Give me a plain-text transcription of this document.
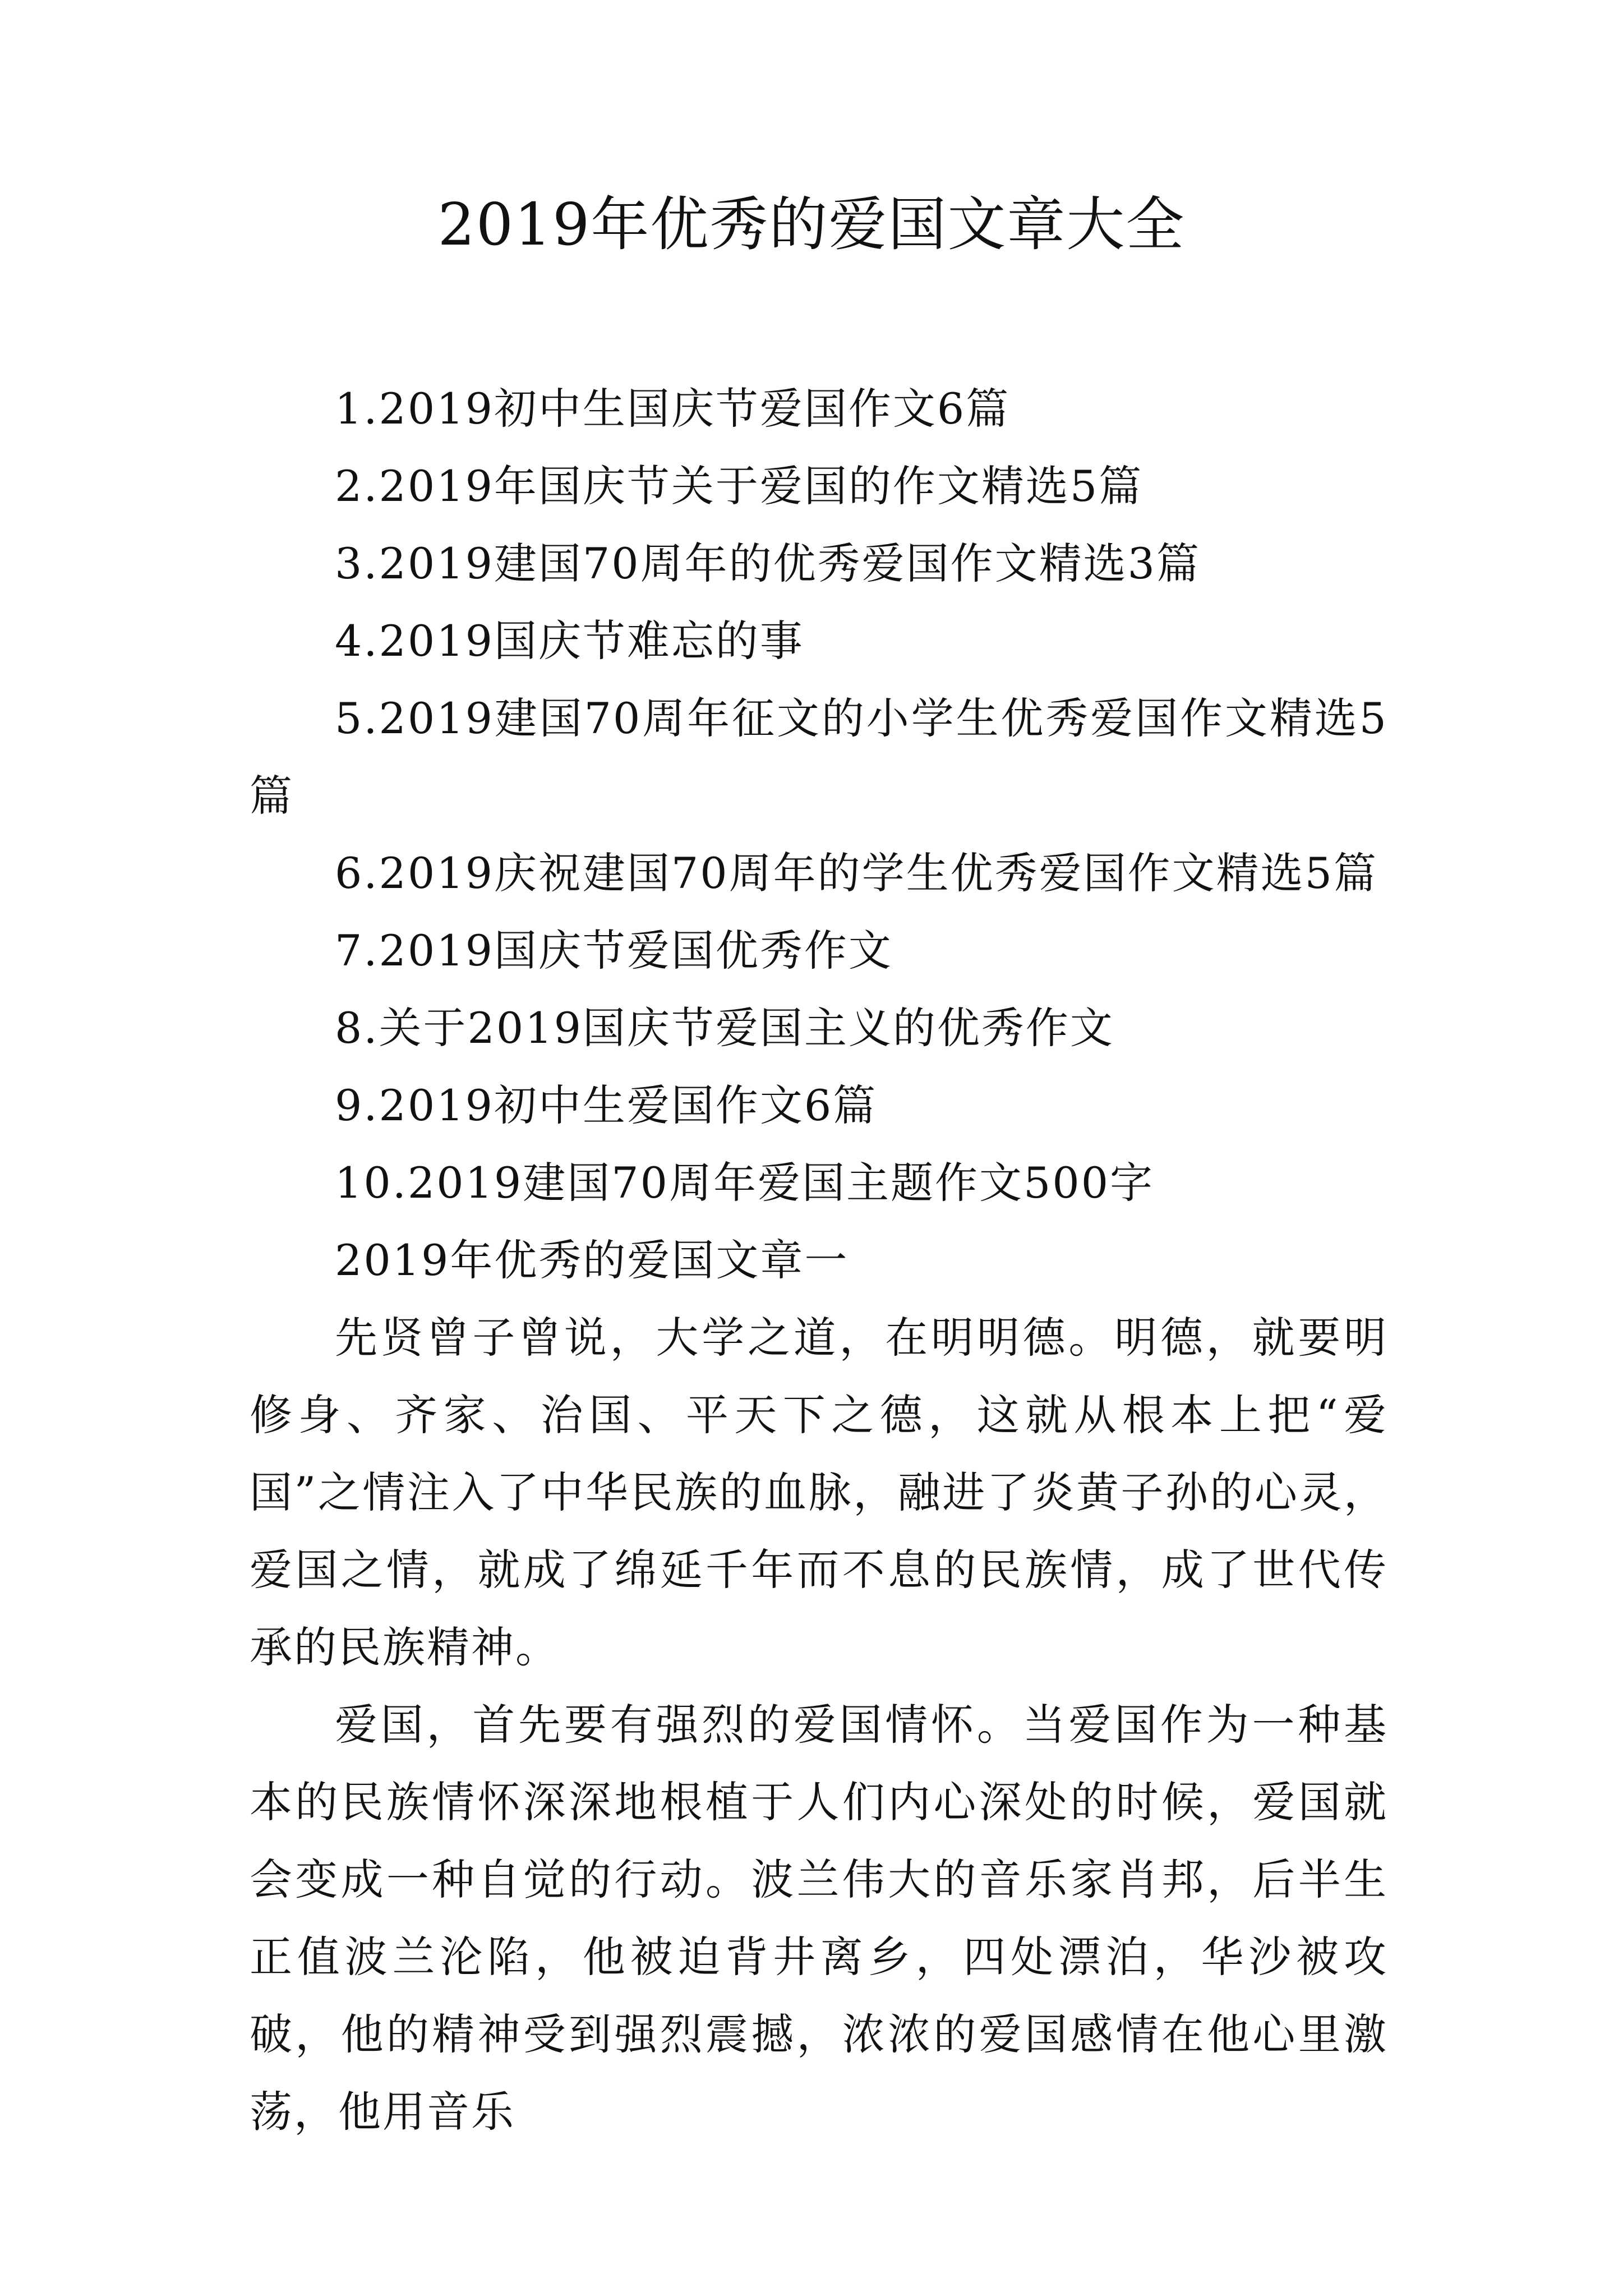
2019年优秀的爱国文章大全
1.2019初中生国庆节爱国作文6篇
2.2019年国庆节关于爱国的作文精选5篇
3.2019建国70周年的优秀爱国作文精选3篇
4.2019国庆节难忘的事
5.2019建国70周年征文的小学生优秀爱国作文精选5篇
6.2019庆祝建国70周年的学生优秀爱国作文精选5篇
7.2019国庆节爱国优秀作文
8.关于2019国庆节爱国主义的优秀作文
9.2019初中生爱国作文6篇
10.2019建国70周年爱国主题作文500字

2019年优秀的爱国文章一

先贤曾子曾说，大学之道，在明明德。明德，就要明修身、齐家、治国、平天下之德，这就从根本上把“爱国”之情注入了中华民族的血脉，融进了炎黄子孙的心灵，爱国之情，就成了绵延千年而不息的民族情，成了世代传承的民族精神。

爱国，首先要有强烈的爱国情怀。当爱国作为一种基本的民族情怀深深地根植于人们内心深处的时候，爱国就会变成一种自觉的行动。波兰伟大的音乐家肖邦，后半生正值波兰沦陷，他被迫背井离乡，四处漂泊，华沙被攻破，他的精神受到强烈震撼，浓浓的爱国感情在他心里激荡，他用音乐
